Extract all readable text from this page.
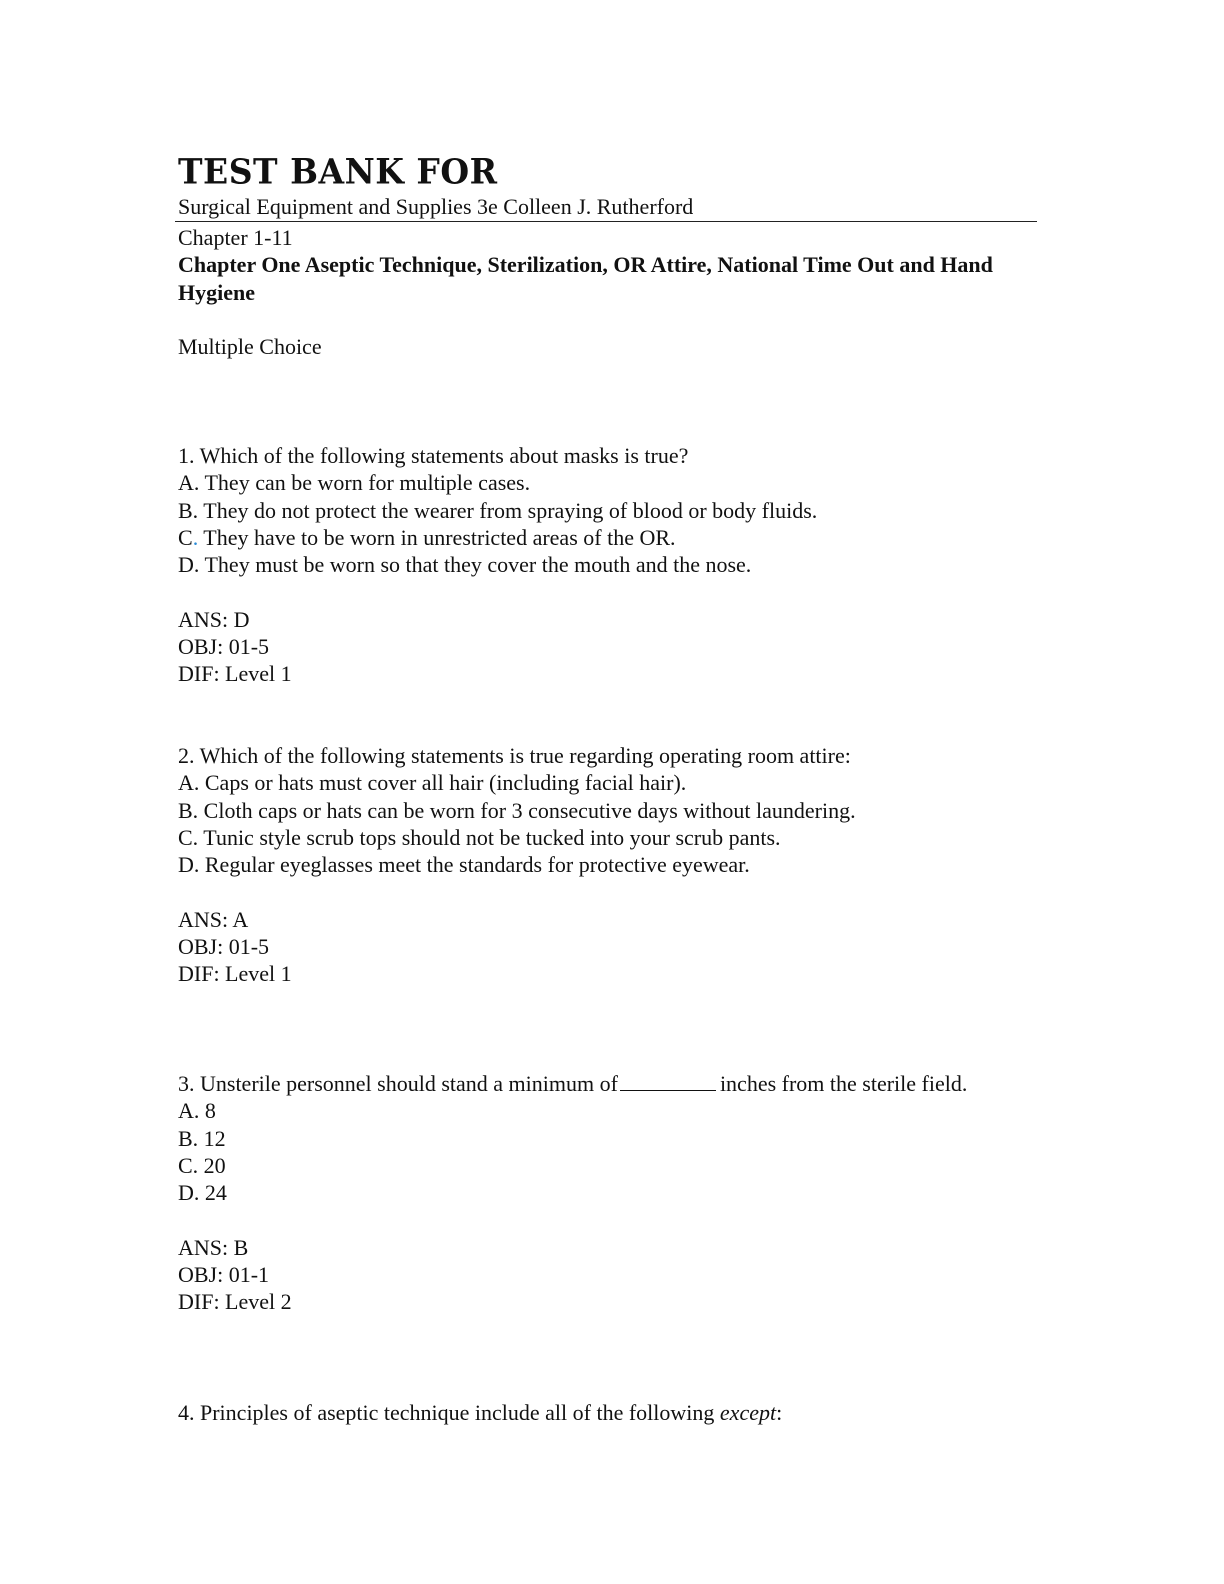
TEST BANK FOR

Surgical Equipment and Supplies 3e Colleen J. Rutherford

Chapter 1-11

Chapter One Aseptic Technique, Sterilization, OR Attire, National Time Out and Hand Hygiene

Multiple Choice

1. Which of the following statements about masks is true?
A. They can be worn for multiple cases.
B. They do not protect the wearer from spraying of blood or body fluids.
C. They have to be worn in unrestricted areas of the OR.
D. They must be worn so that they cover the mouth and the nose.
ANS: D
OBJ: 01-5
DIF: Level 1
2. Which of the following statements is true regarding operating room attire:
A. Caps or hats must cover all hair (including facial hair).
B. Cloth caps or hats can be worn for 3 consecutive days without laundering.
C. Tunic style scrub tops should not be tucked into your scrub pants.
D. Regular eyeglasses meet the standards for protective eyewear.
ANS: A
OBJ: 01-5
DIF: Level 1
3. Unsterile personnel should stand a minimum of	inches from the sterile field.
A. 8
B. 12
C. 20
D. 24
ANS: B
OBJ: 01-1
DIF: Level 2
4. Principles of aseptic technique include all of the following except:
